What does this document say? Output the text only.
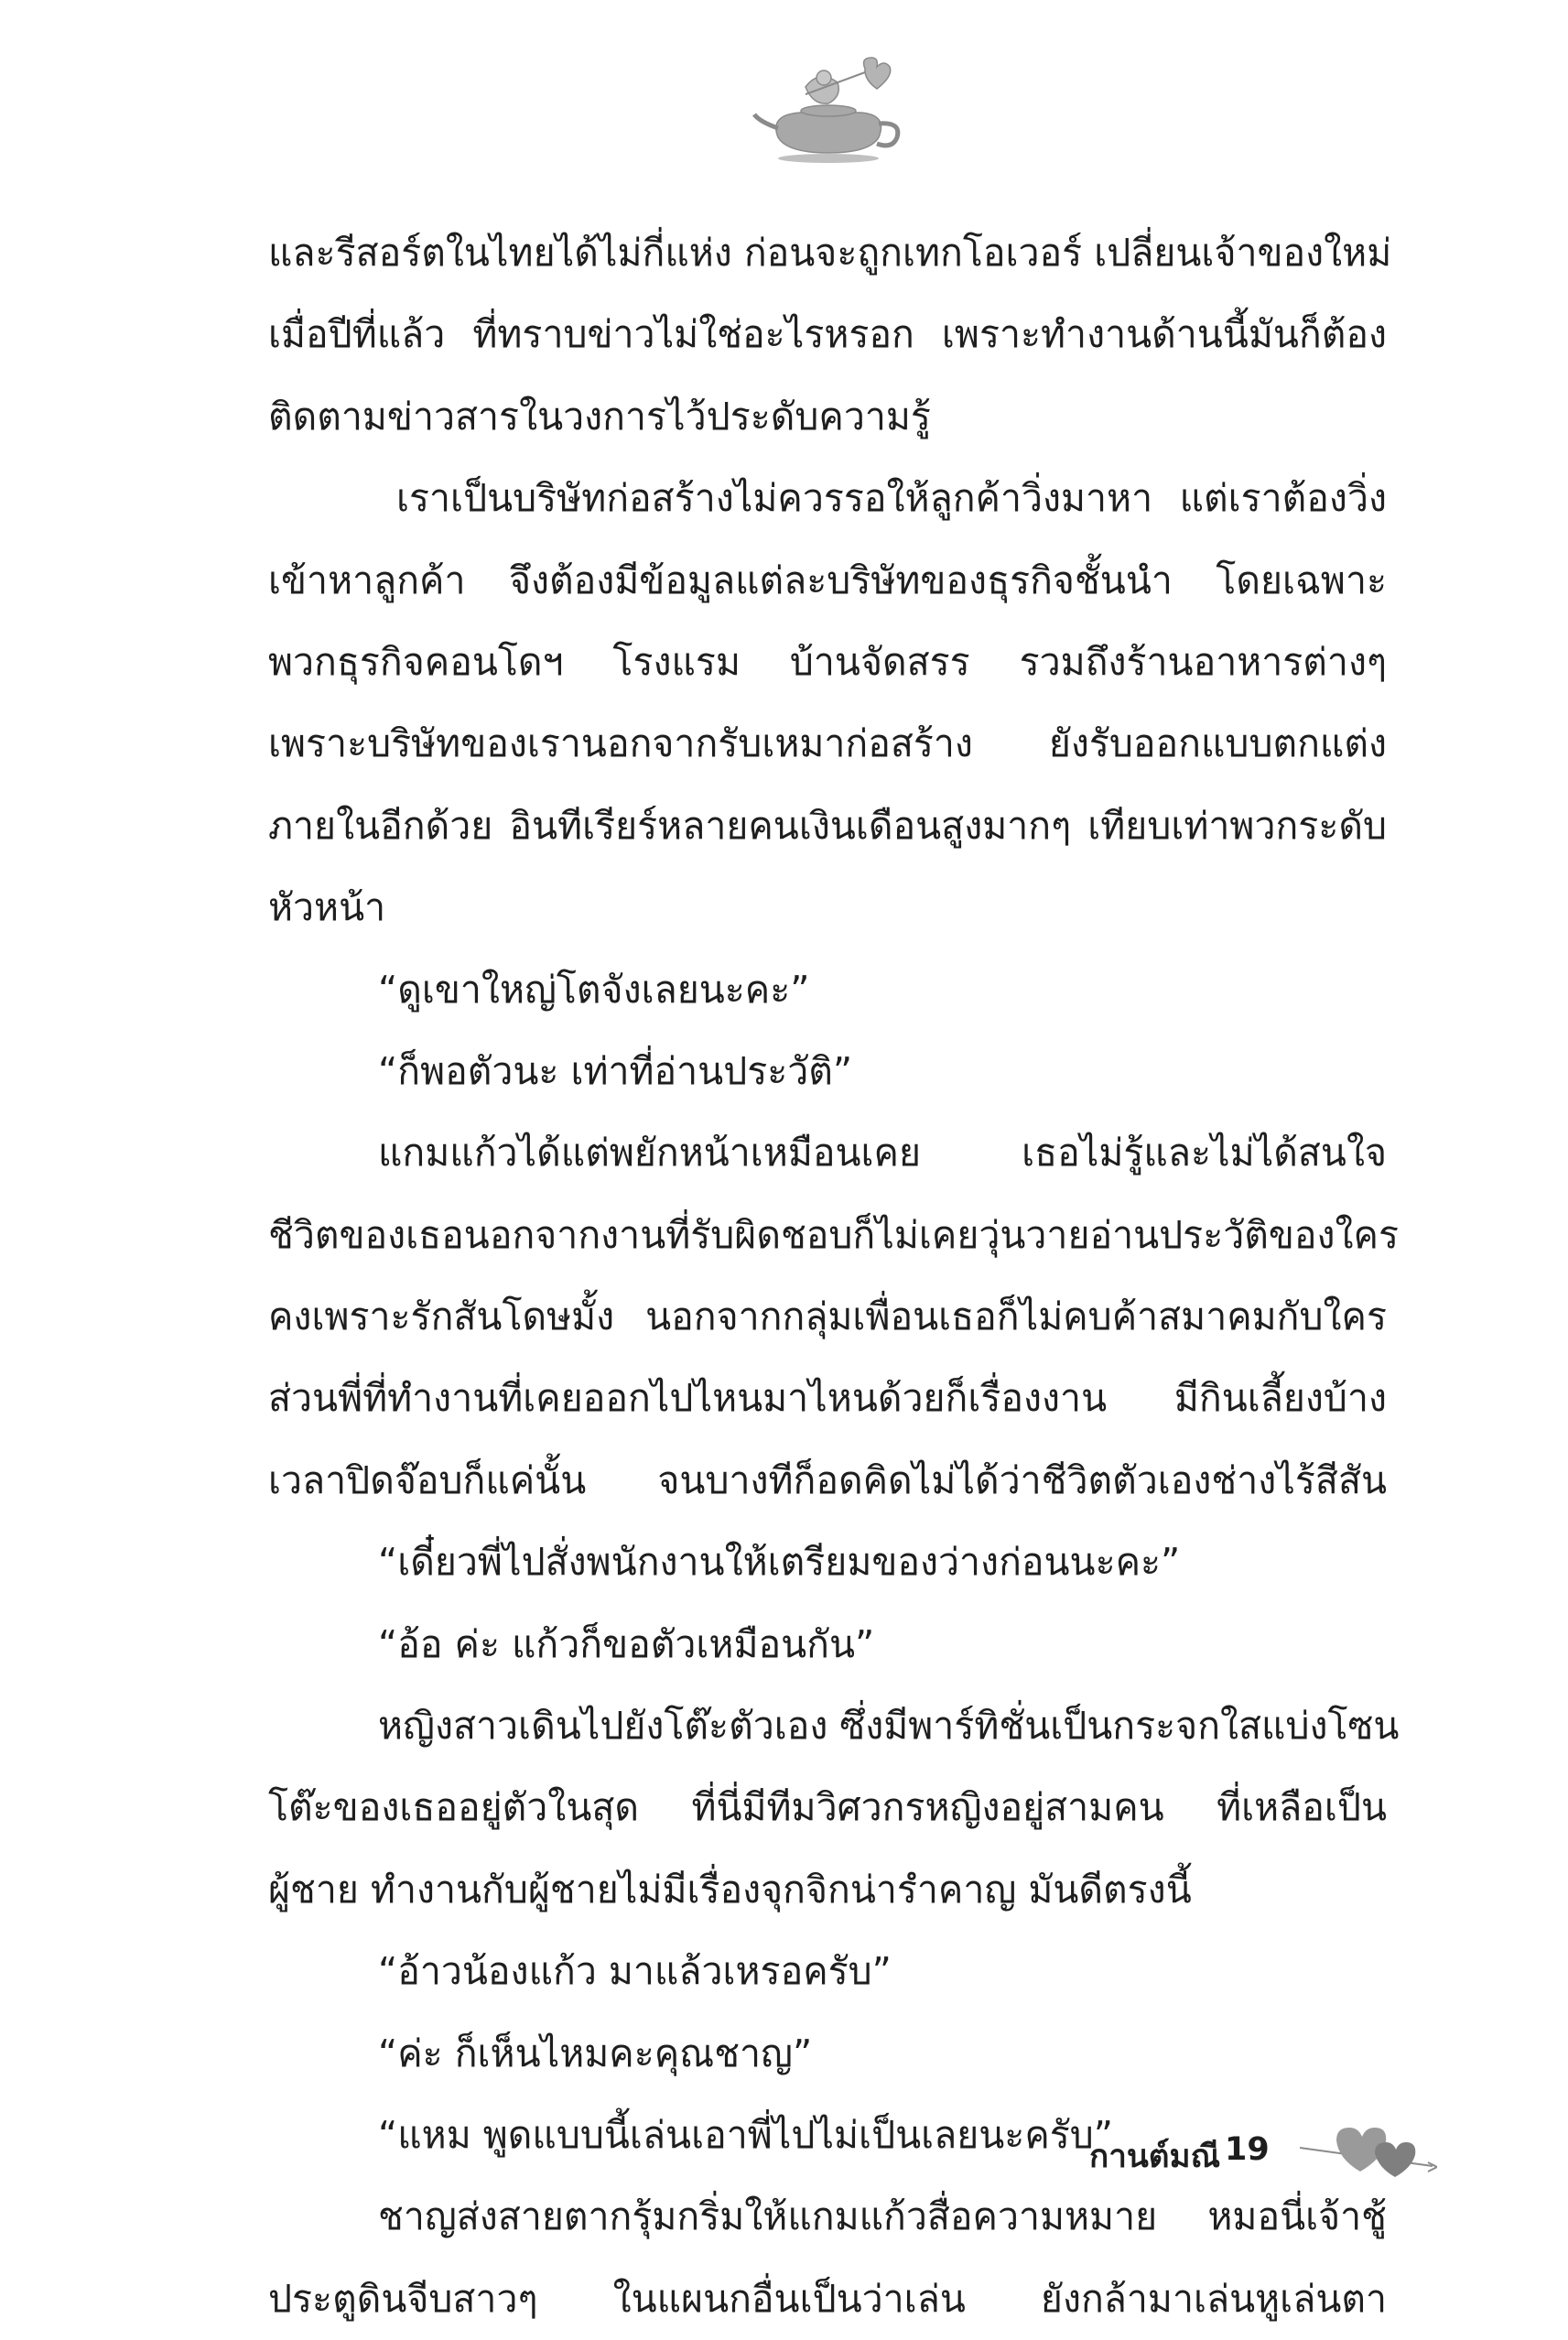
และรีสอร์ตในไทยได้ไม่กี่แห่ง ก่อนจะถูกเทกโอเวอร์ เปลี่ยนเจ้าของใหม่
เมื่อปีที่แล้ว ที่ทราบข่าวไม่ใช่อะไรหรอก เพราะทำงานด้านนี้มันก็ต้อง
ติดตามข่าวสารในวงการไว้ประดับความรู้
เราเป็นบริษัทก่อสร้างไม่ควรรอให้ลูกค้าวิ่งมาหา แต่เราต้องวิ่ง
เข้าหาลูกค้า จึงต้องมีข้อมูลแต่ละบริษัทของธุรกิจชั้นนำ โดยเฉพาะ
พวกธุรกิจคอนโดฯ โรงแรม บ้านจัดสรร รวมถึงร้านอาหารต่างๆ
เพราะบริษัทของเรานอกจากรับเหมาก่อสร้าง ยังรับออกแบบตกแต่ง
ภายในอีกด้วย อินทีเรียร์หลายคนเงินเดือนสูงมากๆ เทียบเท่าพวกระดับ
หัวหน้า
“ดูเขาใหญ่โตจังเลยนะคะ”
“ก็พอตัวนะ เท่าที่อ่านประวัติ”
แกมแก้วได้แต่พยักหน้าเหมือนเคย เธอไม่รู้และไม่ได้สนใจ
ชีวิตของเธอนอกจากงานที่รับผิดชอบก็ไม่เคยวุ่นวายอ่านประวัติของใคร
คงเพราะรักสันโดษมั้ง นอกจากกลุ่มเพื่อนเธอก็ไม่คบค้าสมาคมกับใคร
ส่วนพี่ที่ทำงานที่เคยออกไปไหนมาไหนด้วยก็เรื่องงาน มีกินเลี้ยงบ้าง
เวลาปิดจ๊อบก็แค่นั้น จนบางทีก็อดคิดไม่ได้ว่าชีวิตตัวเองช่างไร้สีสัน
“เดี๋ยวพี่ไปสั่งพนักงานให้เตรียมของว่างก่อนนะคะ”
“อ้อ ค่ะ แก้วก็ขอตัวเหมือนกัน”
หญิงสาวเดินไปยังโต๊ะตัวเอง ซึ่งมีพาร์ทิชั่นเป็นกระจกใสแบ่งโซน
โต๊ะของเธออยู่ตัวในสุด ที่นี่มีทีมวิศวกรหญิงอยู่สามคน ที่เหลือเป็น
ผู้ชาย ทำงานกับผู้ชายไม่มีเรื่องจุกจิกน่ารำคาญ มันดีตรงนี้
“อ้าวน้องแก้ว มาแล้วเหรอครับ”
“ค่ะ ก็เห็นไหมคะคุณชาญ”
“แหม พูดแบบนี้เล่นเอาพี่ไปไม่เป็นเลยนะครับ”
ชาญส่งสายตากรุ้มกริ่มให้แกมแก้วสื่อความหมาย หมอนี่เจ้าชู้
ประตูดินจีบสาวๆ ในแผนกอื่นเป็นว่าเล่น ยังกล้ามาเล่นหูเล่นตา
กานต์มณี 19
